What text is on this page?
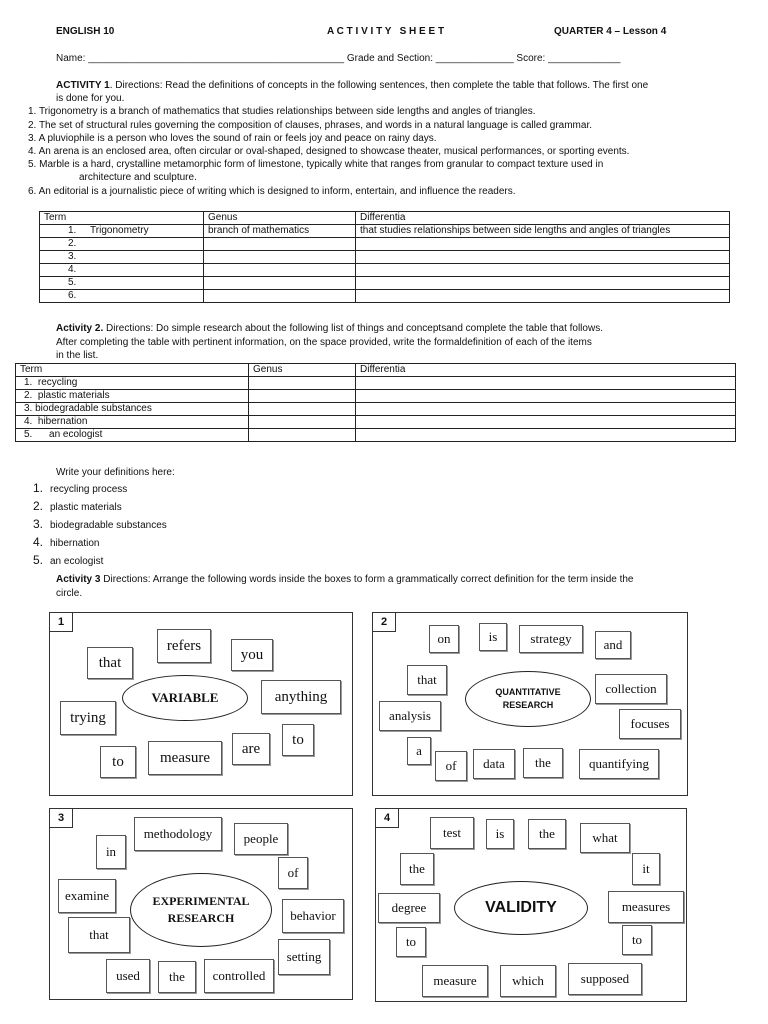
ENGLISH 10	A C T I V I T Y   S H E E T	QUARTER 4 – Lesson 4
Name: ______________________________________________ Grade and Section: ______________ Score: _____________
ACTIVITY 1. Directions: Read the definitions of concepts in the following sentences, then complete the table that follows. The first one
is done for you.
1. Trigonometry is a branch of mathematics that studies relationships between side lengths and angles of triangles.
2. The set of structural rules governing the composition of clauses, phrases, and words in a natural language is called grammar.
3. A pluviophile is a person who loves the sound of rain or feels joy and peace on rainy days.
4. An arena is an enclosed area, often circular or oval-shaped, designed to showcase theater, musical performances, or sporting events.
5. Marble is a hard, crystalline metamorphic form of limestone, typically white that ranges from granular to compact texture used in
architecture and sculpture.
6. An editorial is a journalistic piece of writing which is designed to inform, entertain, and influence the readers.
Term	Genus	Differentia
1.     Trigonometry	branch of mathematics	that studies relationships between side lengths and angles of triangles
2.		
3.		
4.		
5.		
6.		
Activity 2. Directions: Do simple research about the following list of things and conceptsand complete the table that follows.
After completing the table with pertinent information, on the space provided, write the formaldefinition of each of the items
in the list.
Term	Genus	Differentia
1.  recycling		
2.  plastic materials		
3. biodegradable substances		
4.  hibernation		
5.      an ecologist		
Write your definitions here:
1. recycling process
2. plastic materials
3. biodegradable substances
4. hibernation
5. an ecologist
Activity 3 Directions: Arrange the following words inside the boxes to form a grammatically correct definition for the term inside the
circle.
1
VARIABLE
that
refers
you
anything
trying
to	measure
are
to
2
QUANTITATIVE
RESEARCH
on	is	strategy	and
that
collection
analysis
focuses
a
of	data	the	quantifying
3
EXPERIMENTAL
RESEARCH
methodology	people
in
of
examine
behavior
that
setting
used	the	controlled
4
VALIDITY
test	is	the	what
the	it
degree	measures
to	to
measure	which	supposed
